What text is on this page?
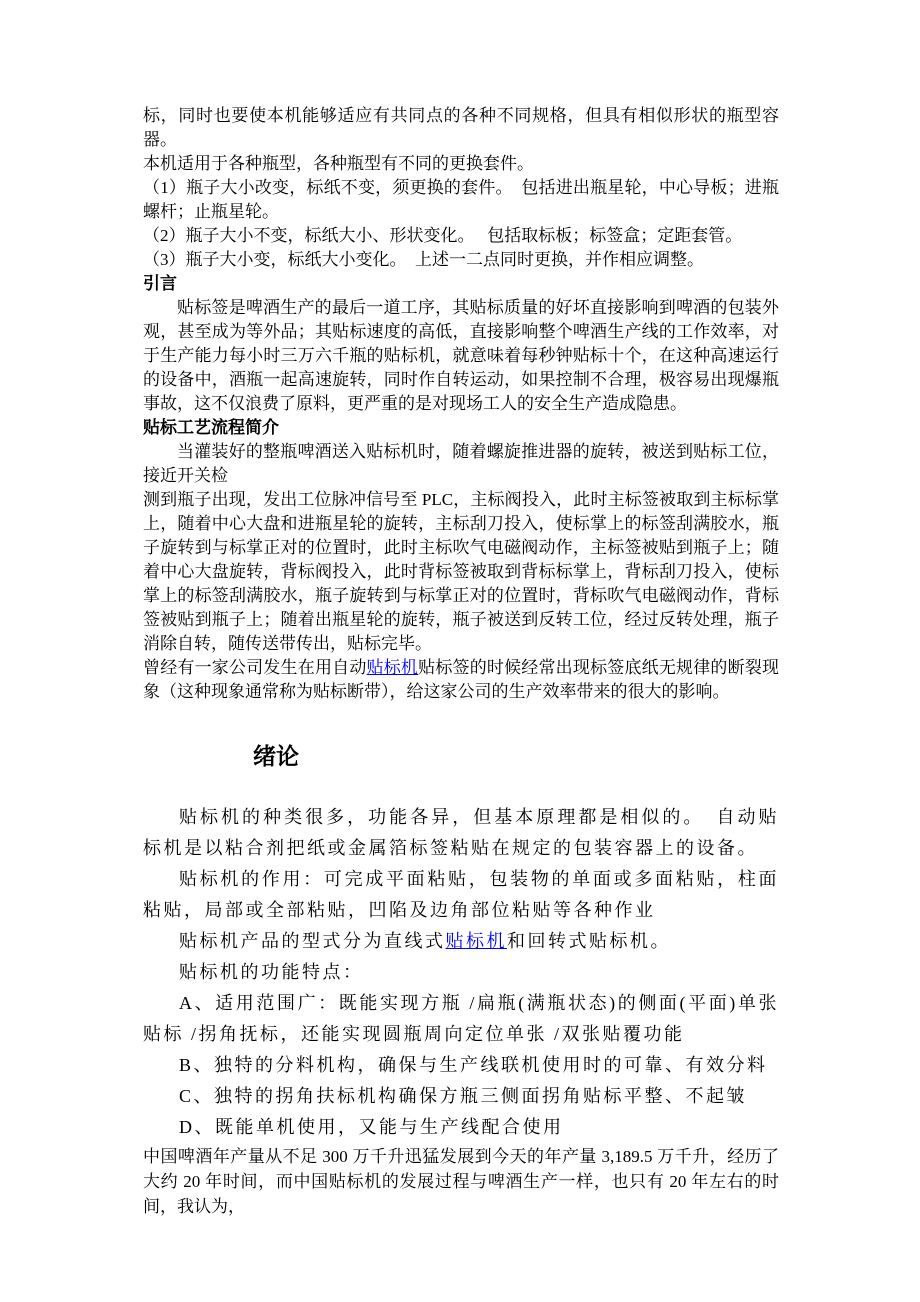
标，同时也要使本机能够适应有共同点的各种不同规格，但具有相似形状的瓶型容器。

本机适用于各种瓶型，各种瓶型有不同的更换套件。

（1）瓶子大小改变，标纸不变，须更换的套件。　包括进出瓶星轮，中心导板；进瓶螺杆；止瓶星轮。

（2）瓶子大小不变，标纸大小、形状变化。　 包括取标板；标签盒；定距套管。

（3）瓶子大小变，标纸大小变化。　上述一二点同时更换，并作相应调整。

引言

贴标签是啤酒生产的最后一道工序，其贴标质量的好坏直接影响到啤酒的包装外观，甚至成为等外品；其贴标速度的高低，直接影响整个啤酒生产线的工作效率，对于生产能力每小时三万六千瓶的贴标机，就意味着每秒钟贴标十个，在这种高速运行的设备中，酒瓶一起高速旋转，同时作自转运动，如果控制不合理，极容易出现爆瓶事故，这不仅浪费了原料，更严重的是对现场工人的安全生产造成隐患。

贴标工艺流程简介

当灌装好的整瓶啤酒送入贴标机时，随着螺旋推进器的旋转，被送到贴标工位，接近开关检

测到瓶子出现，发出工位脉冲信号至 PLC，主标阀投入，此时主标签被取到主标标掌上，随着中心大盘和进瓶星轮的旋转，主标刮刀投入，使标掌上的标签刮满胶水，瓶子旋转到与标掌正对的位置时，此时主标吹气电磁阀动作，主标签被贴到瓶子上；随着中心大盘旋转，背标阀投入，此时背标签被取到背标标掌上，背标刮刀投入，使标掌上的标签刮满胶水，瓶子旋转到与标掌正对的位置时，背标吹气电磁阀动作，背标签被贴到瓶子上；随着出瓶星轮的旋转，瓶子被送到反转工位，经过反转处理，瓶子消除自转，随传送带传出，贴标完毕。

曾经有一家公司发生在用自动贴标机贴标签的时候经常出现标签底纸无规律的断裂现象（这种现象通常称为贴标断带），给这家公司的生产效率带来的很大的影响。

绪论

贴标机的种类很多，功能各异，但基本原理都是相似的。　自动贴标机是以粘合剂把纸或金属箔标签粘贴在规定的包装容器上的设备。

贴标机的作用：可完成平面粘贴，包装物的单面或多面粘贴，柱面粘贴，局部或全部粘贴，凹陷及边角部位粘贴等各种作业

贴标机产品的型式分为直线式贴标机和回转式贴标机。

贴标机的功能特点：

A、适用范围广：既能实现方瓶 /扁瓶(满瓶状态)的侧面(平面)单张贴标 /拐角抚标，还能实现圆瓶周向定位单张 /双张贴覆功能

B、独特的分料机构，确保与生产线联机使用时的可靠、有效分料

C、独特的拐角扶标机构确保方瓶三侧面拐角贴标平整、不起皱

D、既能单机使用，又能与生产线配合使用

中国啤酒年产量从不足 300 万千升迅猛发展到今天的年产量 3,189.5 万千升，经历了大约 20 年时间，而中国贴标机的发展过程与啤酒生产一样，也只有 20 年左右的时间，我认为，
